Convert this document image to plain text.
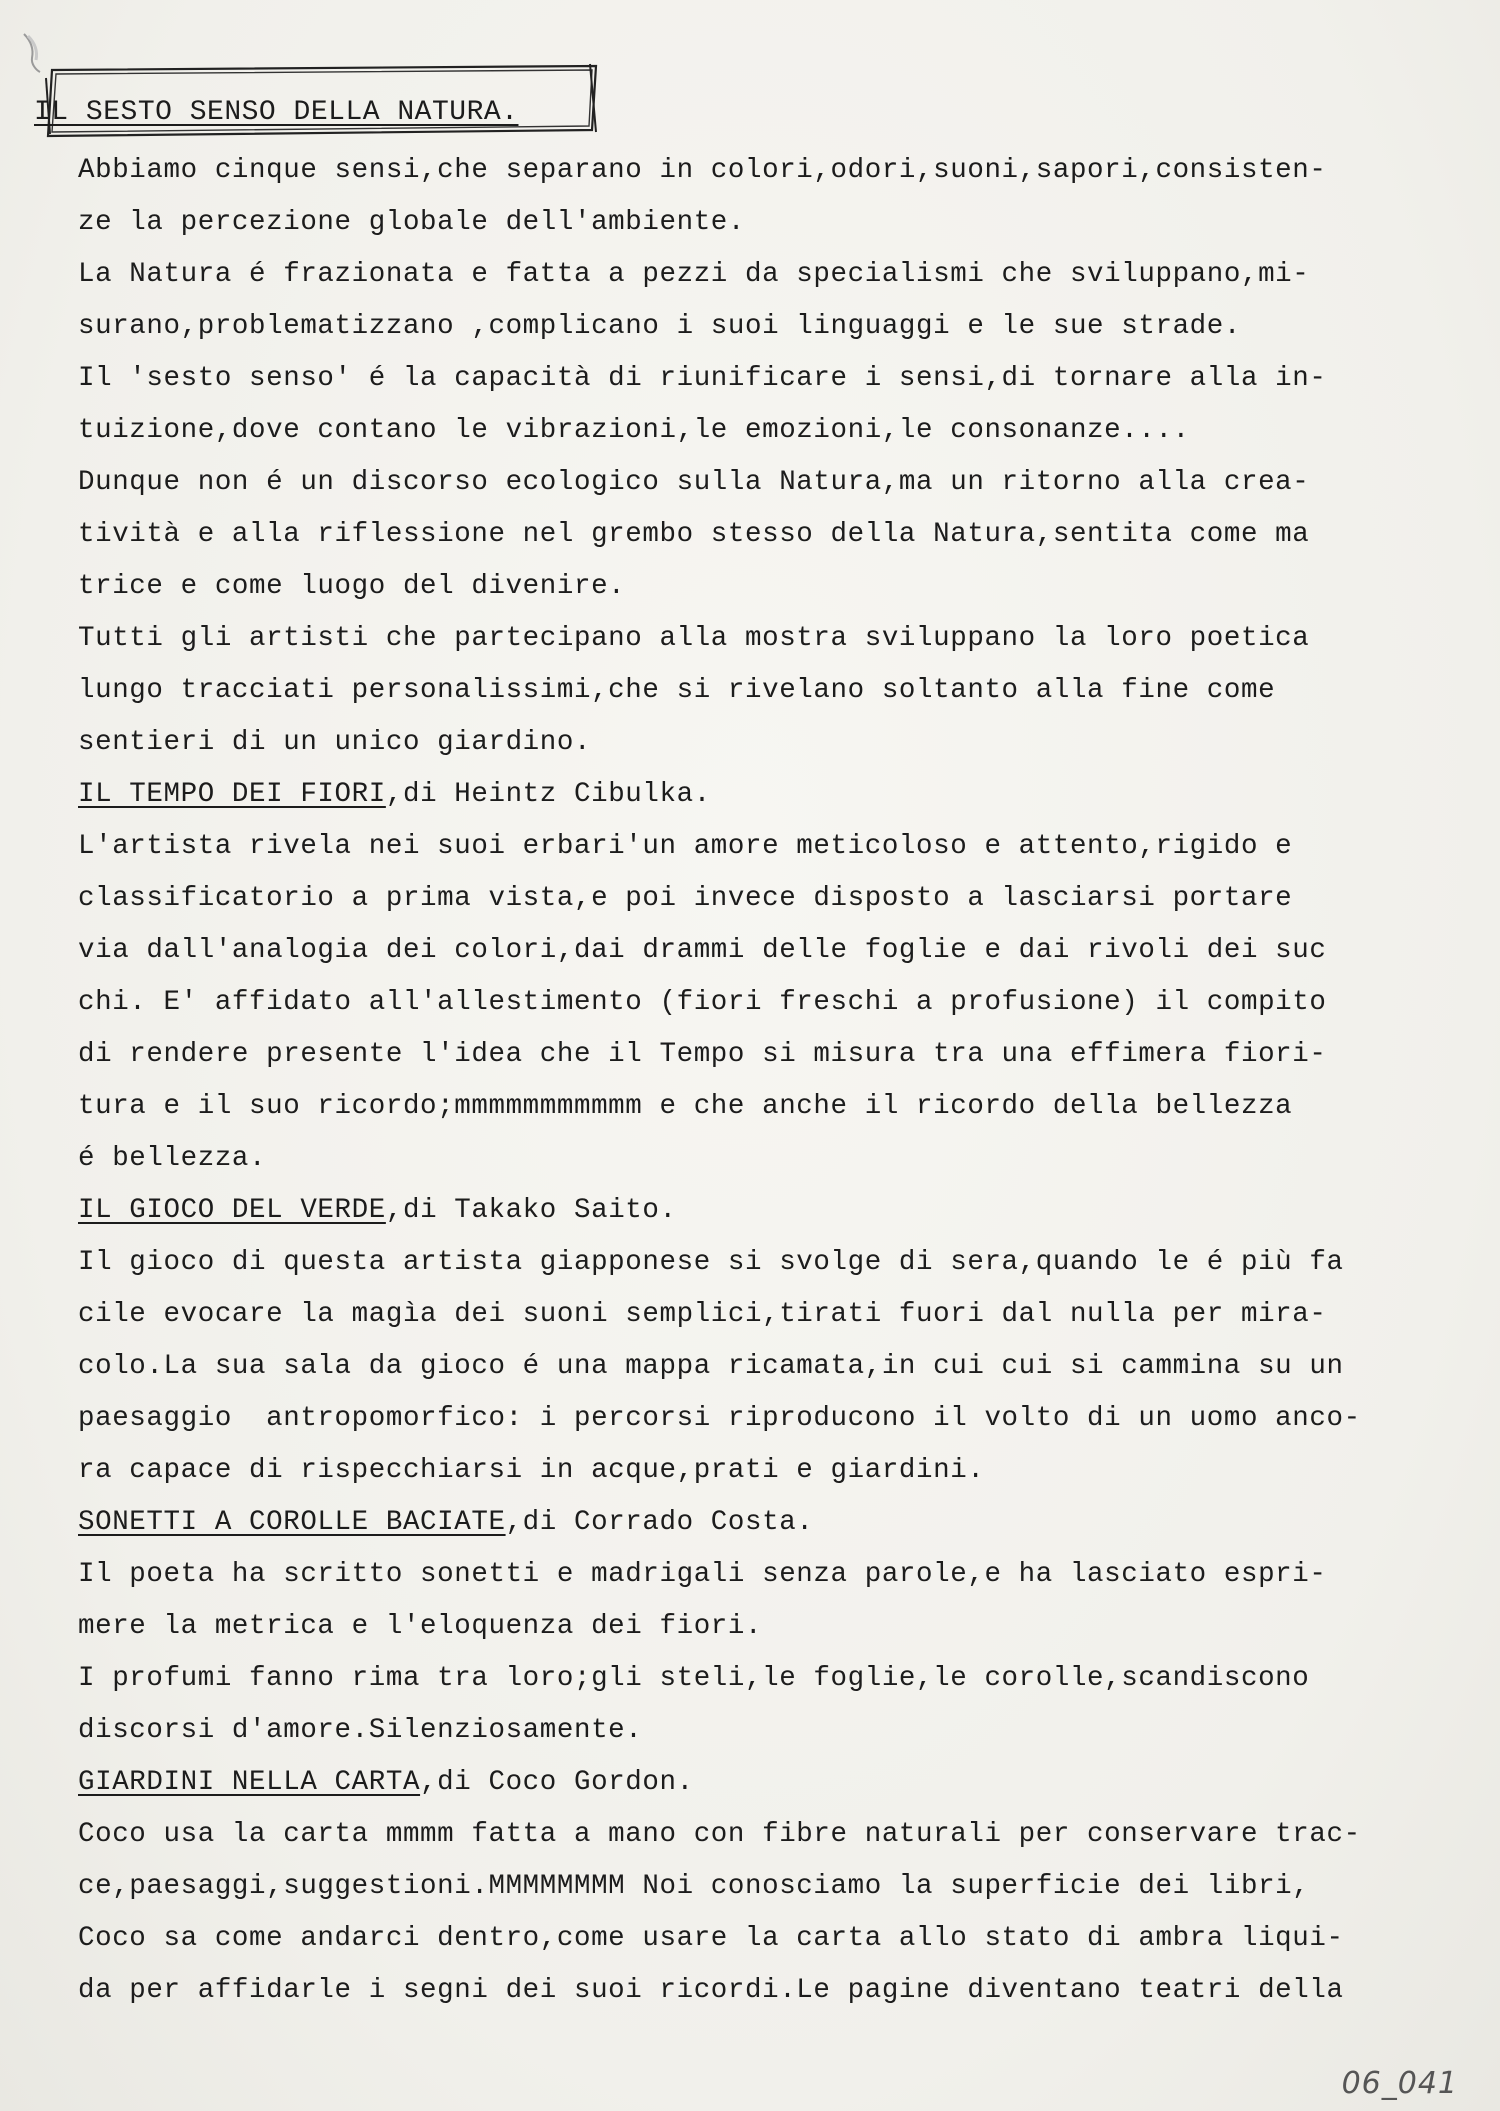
IL SESTO SENSO DELLA NATURA.
Abbiamo cinque sensi,che separano in colori,odori,suoni,sapori,consisten-
ze la percezione globale dell'ambiente.
La Natura é frazionata e fatta a pezzi da specialismi che sviluppano,mi-
surano,problematizzano ,complicano i suoi linguaggi e le sue strade.
Il 'sesto senso' é la capacità di riunificare i sensi,di tornare alla in-
tuizione,dove contano le vibrazioni,le emozioni,le consonanze....
Dunque non é un discorso ecologico sulla Natura,ma un ritorno alla crea-
tività e alla riflessione nel grembo stesso della Natura,sentita come ma
trice e come luogo del divenire.
Tutti gli artisti che partecipano alla mostra sviluppano la loro poetica
lungo tracciati personalissimi,che si rivelano soltanto alla fine come
sentieri di un unico giardino.
IL TEMPO DEI FIORI,di Heintz Cibulka.
L'artista rivela nei suoi erbari'un amore meticoloso e attento,rigido e
classificatorio a prima vista,e poi invece disposto a lasciarsi portare
via dall'analogia dei colori,dai drammi delle foglie e dai rivoli dei suc
chi. E' affidato all'allestimento (fiori freschi a profusione) il compito
di rendere presente l'idea che il Tempo si misura tra una effimera fiori-
tura e il suo ricordo;mmmmmmmmmmm e che anche il ricordo della bellezza
é bellezza.
IL GIOCO DEL VERDE,di Takako Saito.
Il gioco di questa artista giapponese si svolge di sera,quando le é più fa
cile evocare la magìa dei suoni semplici,tirati fuori dal nulla per mira-
colo.La sua sala da gioco é una mappa ricamata,in cui cui si cammina su un
paesaggio  antropomorfico: i percorsi riproducono il volto di un uomo anco-
ra capace di rispecchiarsi in acque,prati e giardini.
SONETTI A COROLLE BACIATE,di Corrado Costa.
Il poeta ha scritto sonetti e madrigali senza parole,e ha lasciato espri-
mere la metrica e l'eloquenza dei fiori.
I profumi fanno rima tra loro;gli steli,le foglie,le corolle,scandiscono
discorsi d'amore.Silenziosamente.
GIARDINI NELLA CARTA,di Coco Gordon.
Coco usa la carta mmmm fatta a mano con fibre naturali per conservare trac-
ce,paesaggi,suggestioni.MMMMMMMM Noi conosciamo la superficie dei libri,
Coco sa come andarci dentro,come usare la carta allo stato di ambra liqui-
da per affidarle i segni dei suoi ricordi.Le pagine diventano teatri della
06_041
